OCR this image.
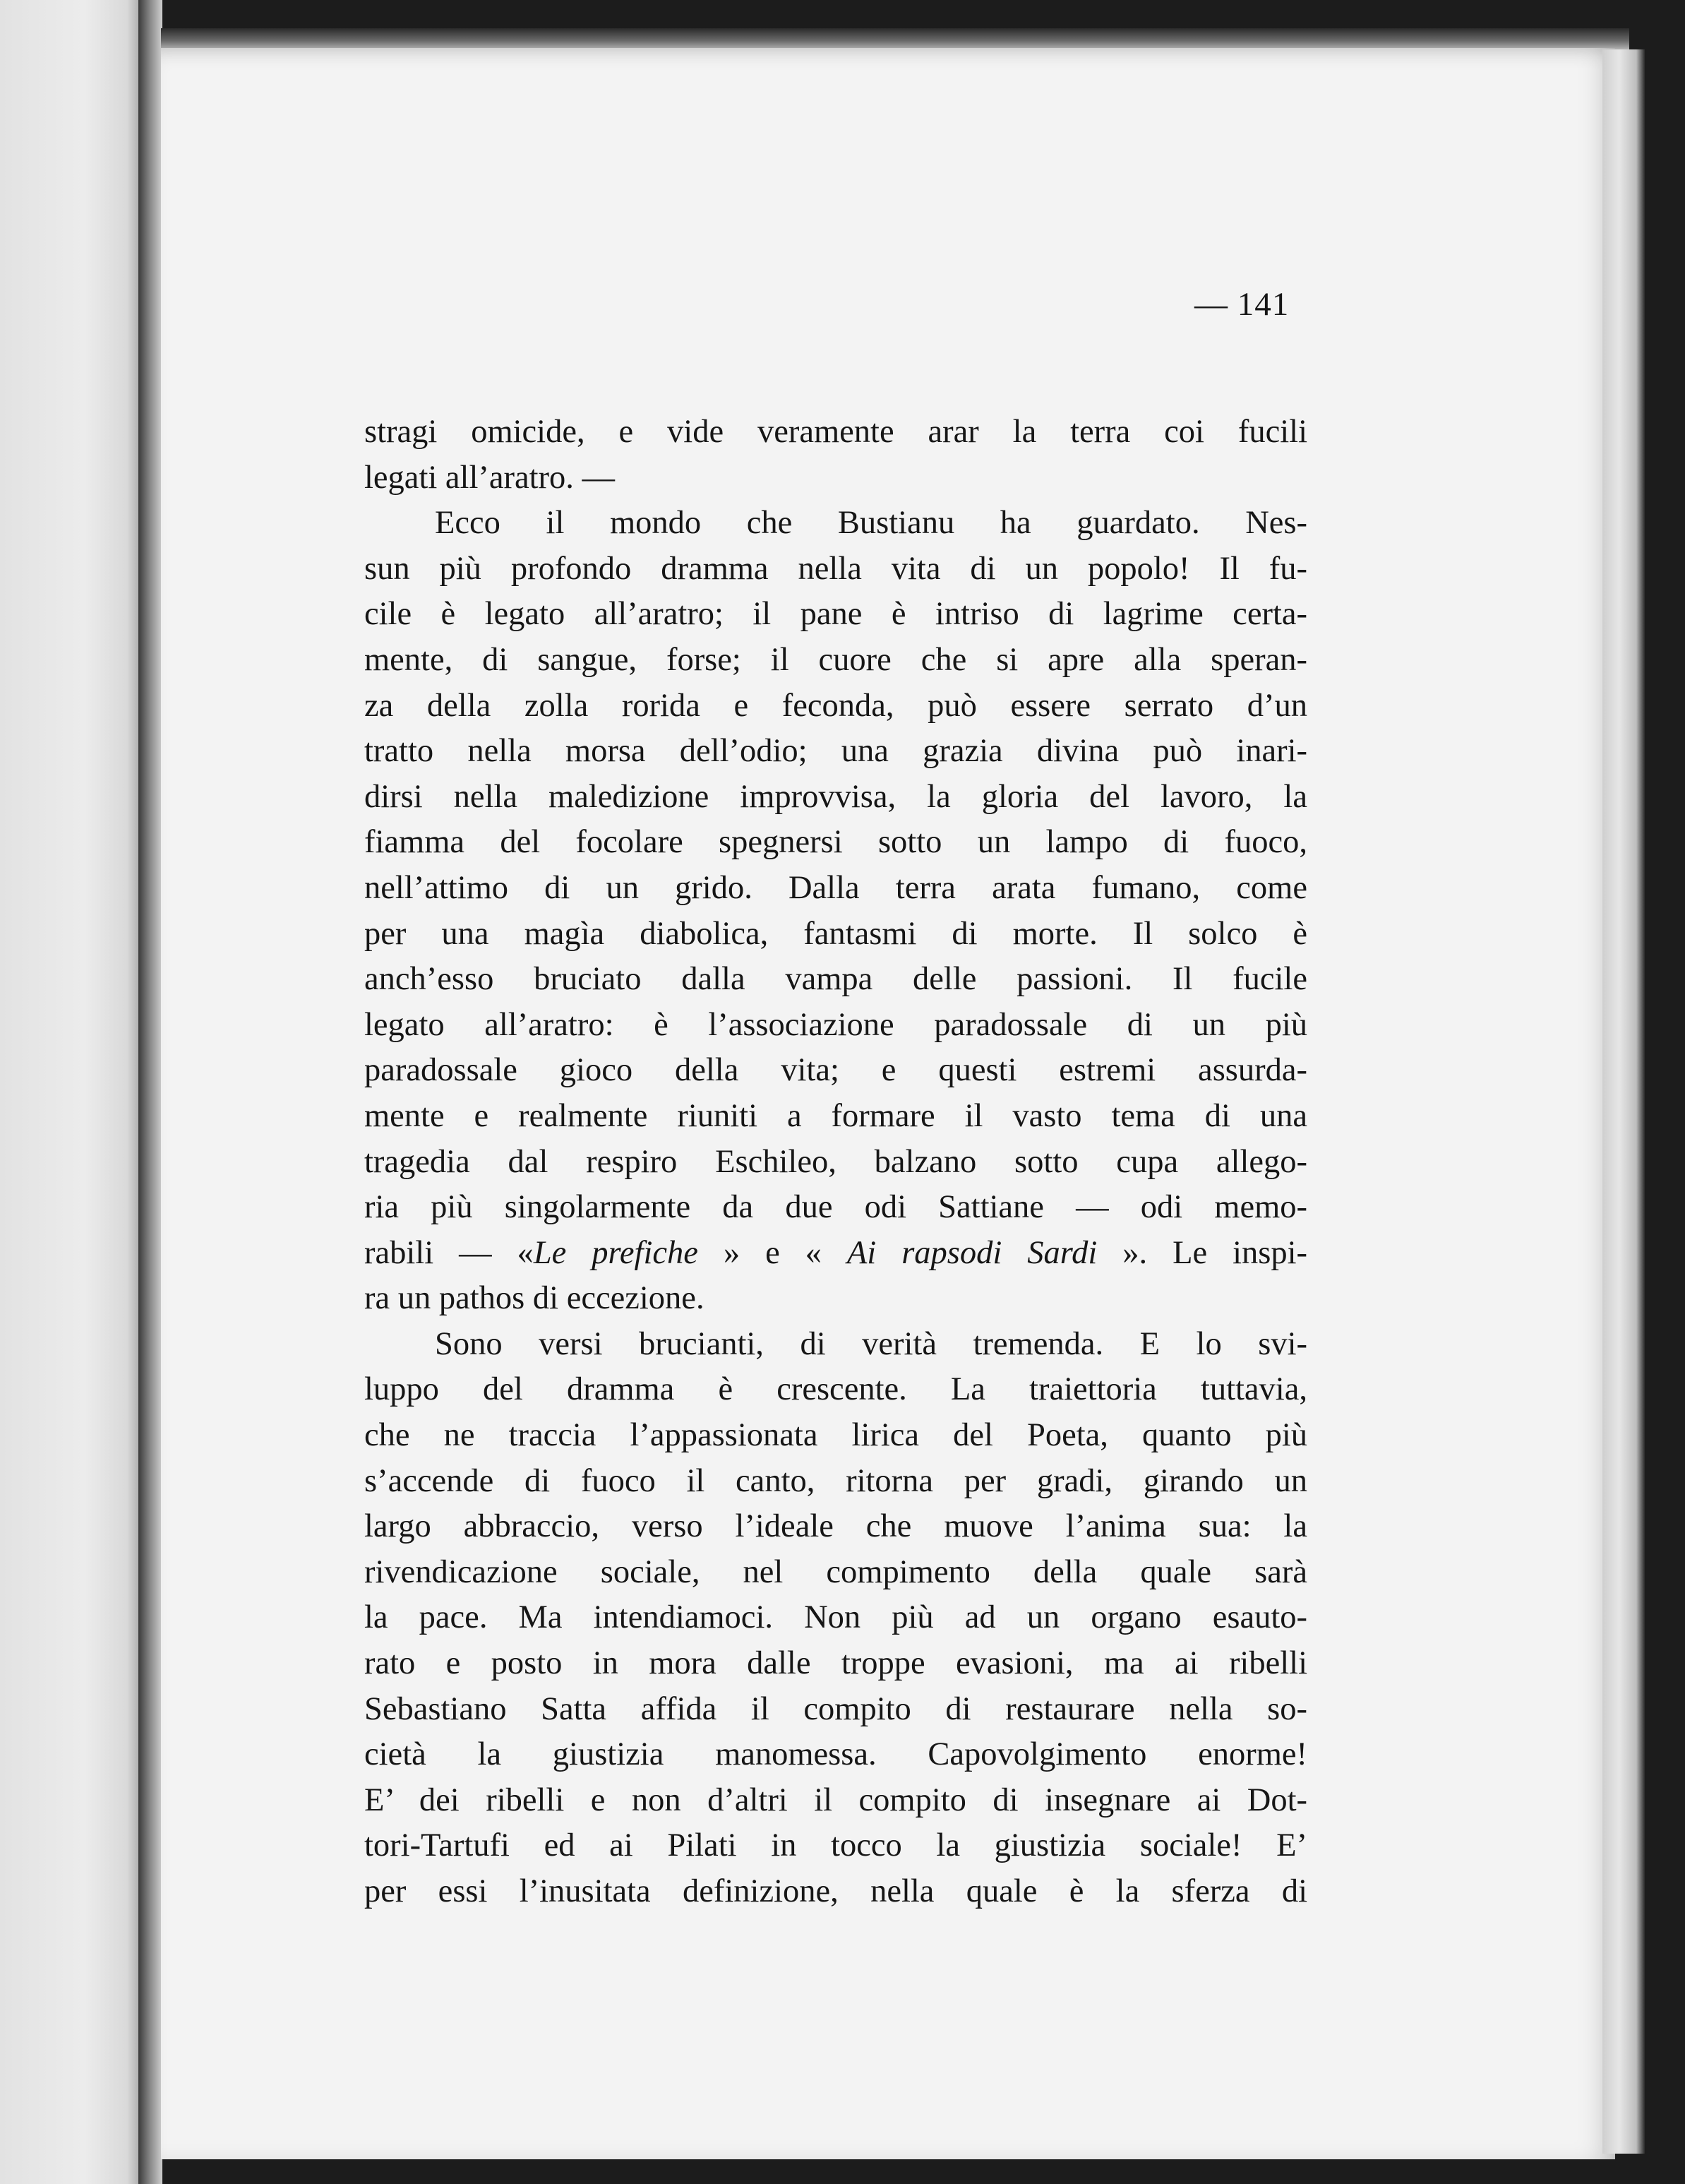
— 141
stragi omicide, e vide veramente arar la terra coi fucili
legati all’aratro. —
Ecco il mondo che Bustianu ha guardato. Nes-
sun più profondo dramma nella vita di un popolo! Il fu-
cile è legato all’aratro; il pane è intriso di lagrime certa-
mente, di sangue, forse; il cuore che si apre alla speran-
za della zolla rorida e feconda, può essere serrato d’un
tratto nella morsa dell’odio; una grazia divina può inari-
dirsi nella maledizione improvvisa, la gloria del lavoro, la
fiamma del focolare spegnersi sotto un lampo di fuoco,
nell’attimo di un grido. Dalla terra arata fumano, come
per una magìa diabolica, fantasmi di morte. Il solco è
anch’esso bruciato dalla vampa delle passioni. Il fucile
legato all’aratro: è l’associazione paradossale di un più
paradossale gioco della vita; e questi estremi assurda-
mente e realmente riuniti a formare il vasto tema di una
tragedia dal respiro Eschileo, balzano sotto cupa allego-
ria più singolarmente da due odi Sattiane — odi memo-
rabili — «Le prefiche » e « Ai rapsodi Sardi ». Le inspi-
ra un pathos di eccezione.
Sono versi brucianti, di verità tremenda. E lo svi-
luppo del dramma è crescente. La traiettoria tuttavia,
che ne traccia l’appassionata lirica del Poeta, quanto più
s’accende di fuoco il canto, ritorna per gradi, girando un
largo abbraccio, verso l’ideale che muove l’anima sua: la
rivendicazione sociale, nel compimento della quale sarà
la pace. Ma intendiamoci. Non più ad un organo esauto-
rato e posto in mora dalle troppe evasioni, ma ai ribelli
Sebastiano Satta affida il compito di restaurare nella so-
cietà la giustizia manomessa. Capovolgimento enorme!
E’ dei ribelli e non d’altri il compito di insegnare ai Dot-
tori-Tartufi ed ai Pilati in tocco la giustizia sociale! E’
per essi l’inusitata definizione, nella quale è la sferza di
